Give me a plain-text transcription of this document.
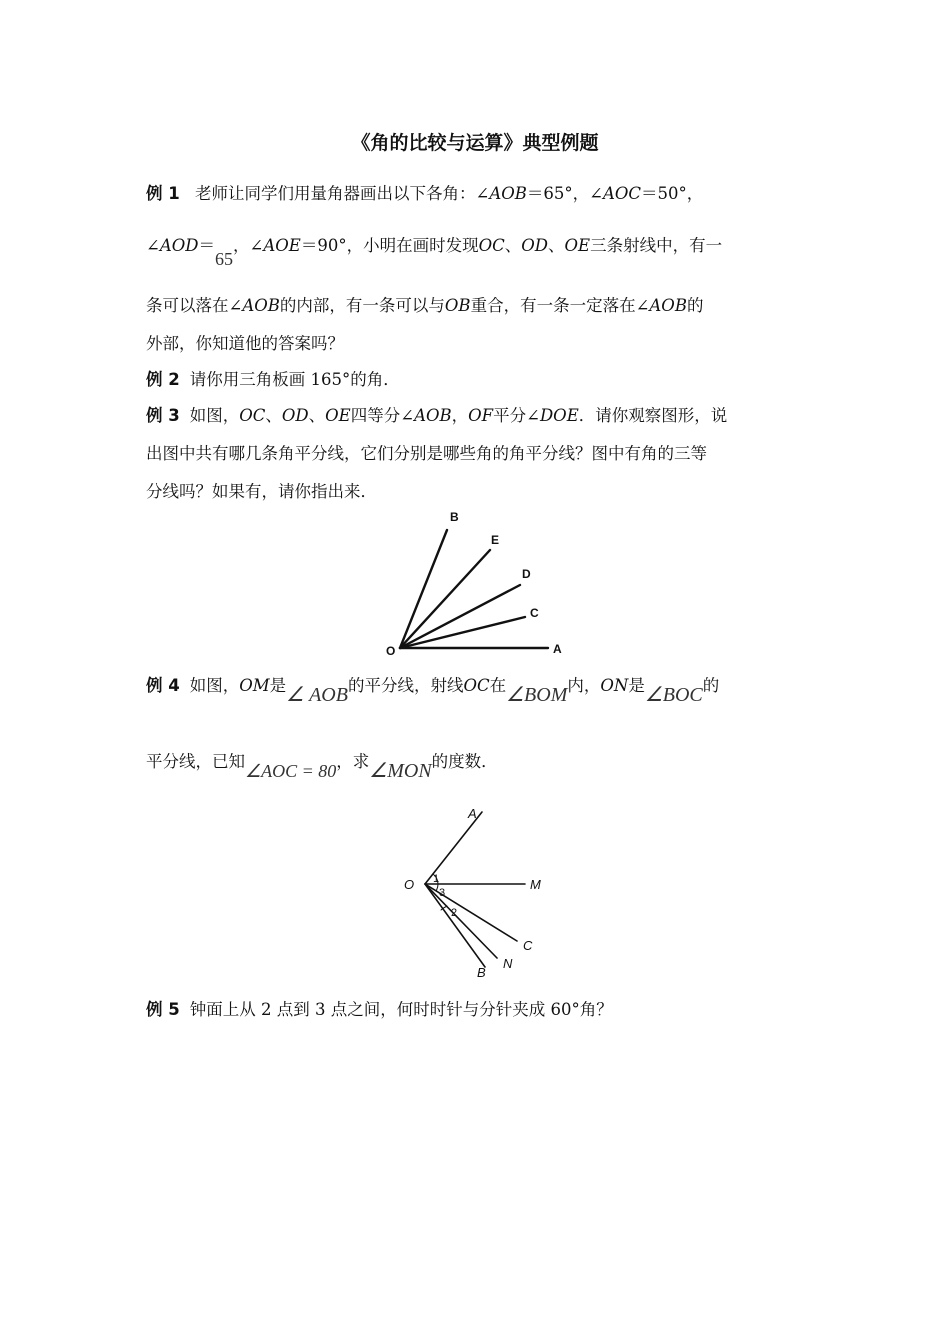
《角的比较与运算》典型例题
例 1 老师让同学们用量角器画出以下各角：∠AOB＝65°，∠AOC＝50°，
∠AOD＝65，∠AOE＝90°，小明在画时发现OC、OD、OE三条射线中，有一
条可以落在∠AOB的内部，有一条可以与OB重合，有一条一定落在∠AOB的
外部，你知道他的答案吗？
例 2 请你用三角板画 165°的角．
例 3 如图，OC、OD、OE四等分∠AOB，OF平分∠DOE．请你观察图形，说
出图中共有哪几条角平分线，它们分别是哪些角的角平分线？图中有角的三等
分线吗？如果有，请你指出来．
B
E
D
C
O	A
例 4 如图，OM是∠ AOB的平分线，射线OC在∠BOM内，ON是∠BOC的
平分线，已知∠AOC = 80，求∠MON的度数．
A
O	M
1
3
2
C
N
B
例 5 钟面上从 2 点到 3 点之间，何时时针与分针夹成 60°角？
